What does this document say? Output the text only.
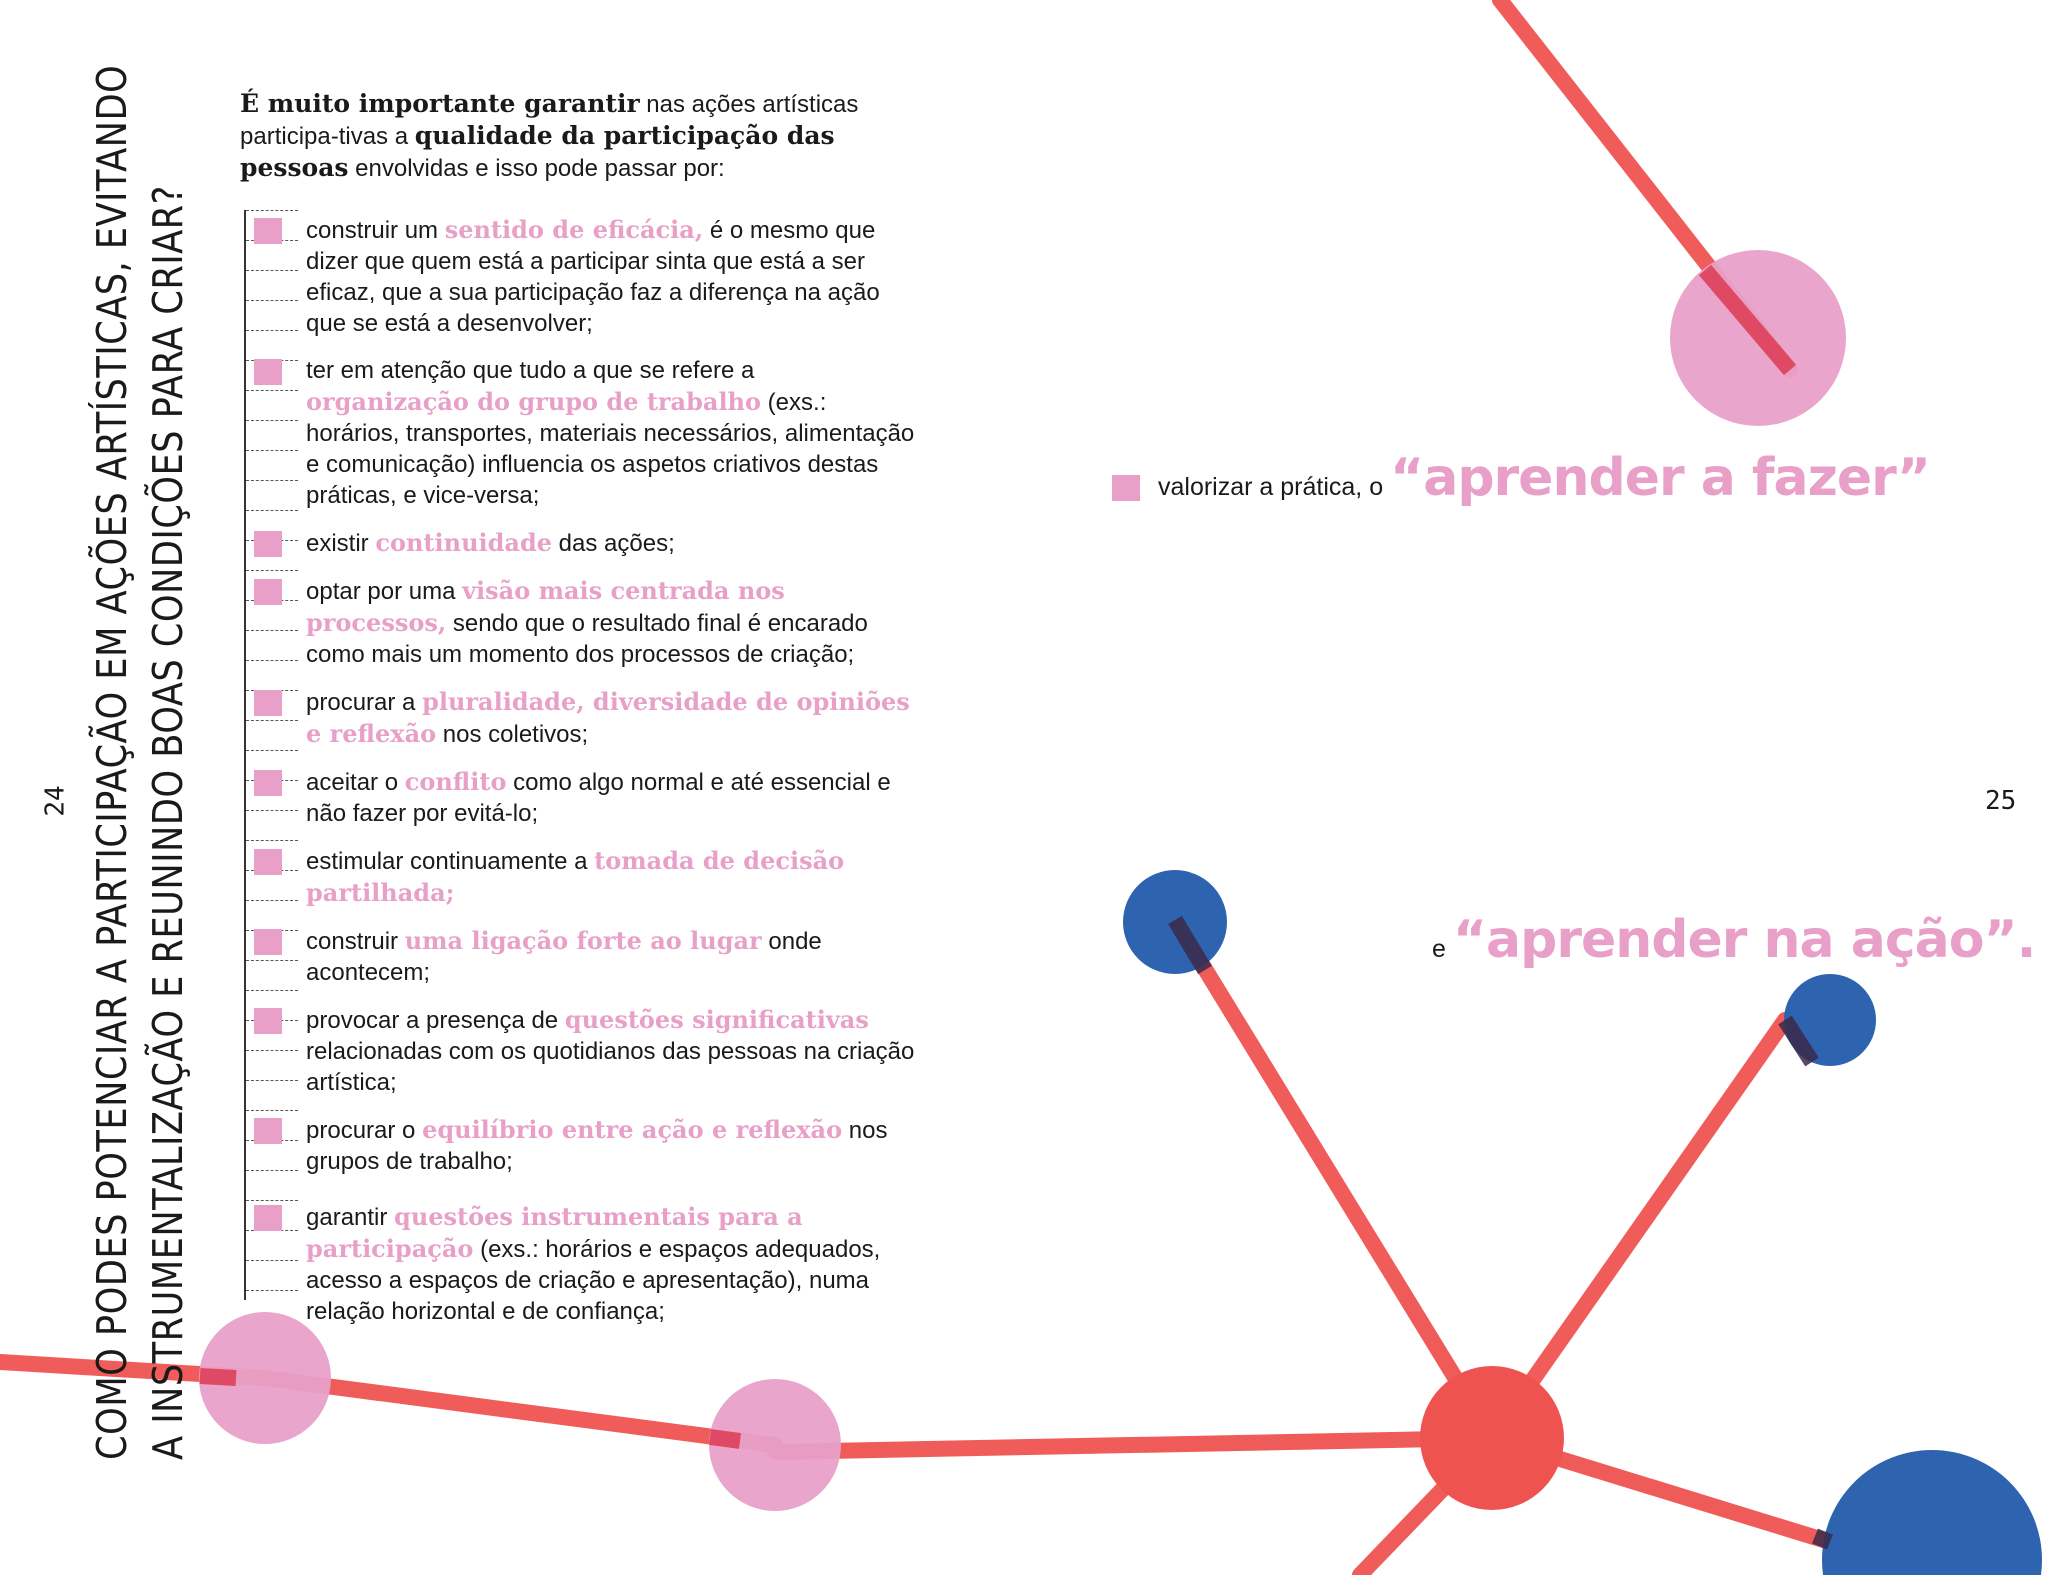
COMO PODES POTENCIAR A PARTICIPAÇÃO EM AÇÕES ARTÍSTICAS, EVITANDO A INSTRUMENTALIZAÇÃO E REUNINDO BOAS CONDIÇÕES PARA CRIAR?
24
É muito importante garantir nas ações artísticas participa-tivas a qualidade da participação das pessoas envolvidas e isso pode passar por:
construir um sentido de eficácia, é o mesmo que dizer que quem está a participar sinta que está a ser eficaz, que a sua participação faz a diferença na ação que se está a desenvolver;
ter em atenção que tudo a que se refere a organização do grupo de trabalho (exs.: horários, transportes, materiais necessários, alimentação e comunicação) influencia os aspetos criativos destas práticas, e vice-versa;
existir continuidade das ações;
optar por uma visão mais centrada nos processos, sendo que o resultado final é encarado como mais um momento dos processos de criação;
procurar a pluralidade, diversidade de opiniões e reflexão nos coletivos;
aceitar o conflito como algo normal e até essencial e não fazer por evitá-lo;
estimular continuamente a tomada de decisão partilhada;
construir uma ligação forte ao lugar onde acontecem;
provocar a presença de questões significativas relacionadas com os quotidianos das pessoas na criação artística;
procurar o equilíbrio entre ação e reflexão nos grupos de trabalho;
garantir questões instrumentais para a participação (exs.: horários e espaços adequados, acesso a espaços de criação e apresentação), numa relação horizontal e de confiança;
25
valorizar a prática, o “aprender a fazer”
e “aprender na ação”.
